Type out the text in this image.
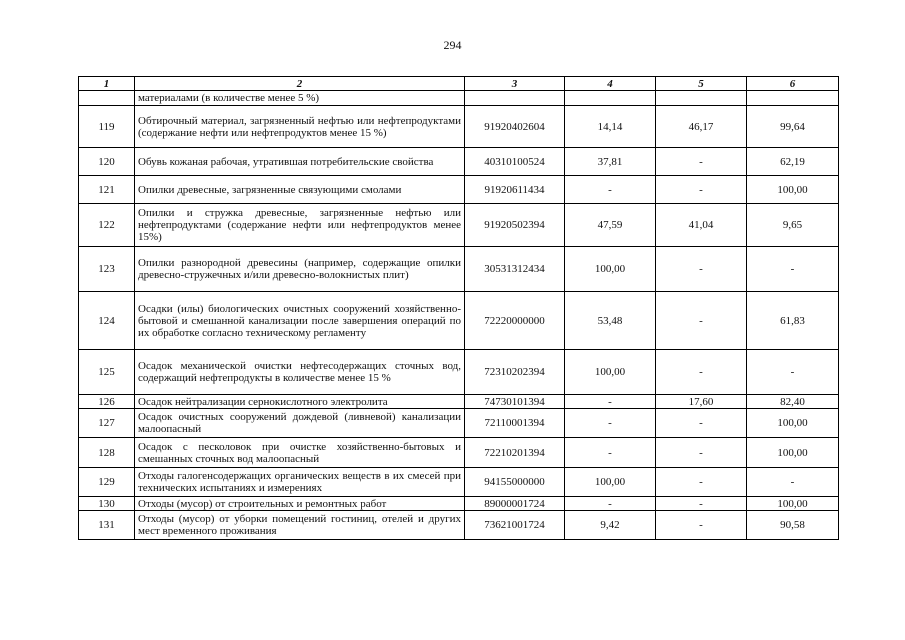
294
1	2	3	4	5	6
	материалами (в количестве менее 5 %)				
119	Обтирочный материал, загрязненный нефтью или нефтепродуктами (содержание нефти или нефтепродуктов менее 15 %)	91920402604	14,14	46,17	99,64
120	Обувь кожаная рабочая, утратившая потребительские свойства	40310100524	37,81	-	62,19
121	Опилки древесные, загрязненные связующими смолами	91920611434	-	-	100,00
122	Опилки и стружка древесные, загрязненные нефтью или нефтепродуктами (содержание нефти или нефтепродуктов менее 15%)	91920502394	47,59	41,04	9,65
123	Опилки разнородной древесины (например, содержащие опилки древесно-стружечных и/или древесно-волокнистых плит)	30531312434	100,00	-	-
124	Осадки (илы) биологических очистных сооружений хозяйственно-бытовой и смешанной канализации после завершения операций по их обработке согласно техническому регламенту	72220000000	53,48	-	61,83
125	Осадок механической очистки нефтесодержащих сточных вод, содержащий нефтепродукты в количестве менее 15 %	72310202394	100,00	-	-
126	Осадок нейтрализации сернокислотного электролита	74730101394	-	17,60	82,40
127	Осадок очистных сооружений дождевой (ливневой) канализации малоопасный	72110001394	-	-	100,00
128	Осадок с песколовок при очистке хозяйственно-бытовых и смешанных сточных вод малоопасный	72210201394	-	-	100,00
129	Отходы галогенсодержащих органических веществ в их смесей при технических испытаниях и измерениях	94155000000	100,00	-	-
130	Отходы (мусор) от строительных и ремонтных работ	89000001724	-	-	100,00
131	Отходы (мусор) от уборки помещений гостиниц, отелей и других мест временного проживания	73621001724	9,42	-	90,58
